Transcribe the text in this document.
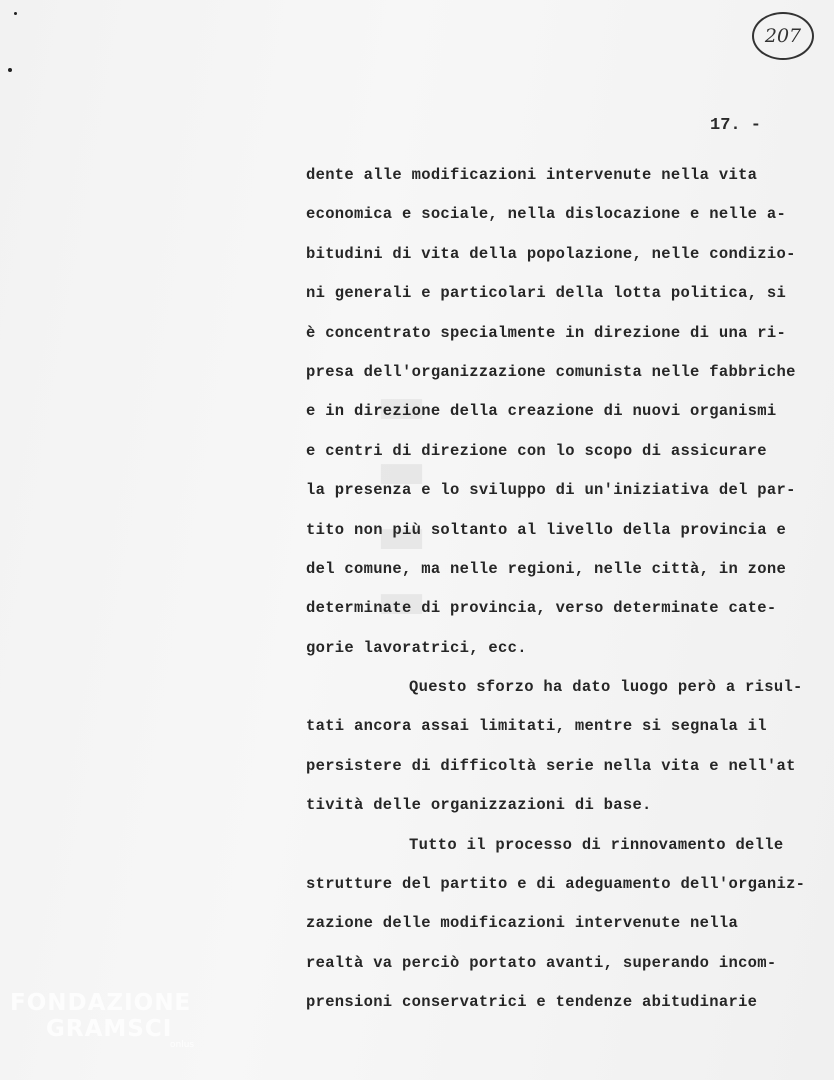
▬▬▬▬
207
17. -
dente alle modificazioni intervenute nella vita
economica e sociale, nella dislocazione e nelle a-
bitudini di vita della popolazione, nelle condizio-
ni generali e particolari della lotta politica, si
è concentrato specialmente in direzione di una ri-
presa dell'organizzazione comunista nelle fabbriche
e in direzione della creazione di nuovi organismi
e centri di direzione con lo scopo di assicurare
la presenza e lo sviluppo di un'iniziativa del par-
tito non più soltanto al livello della provincia e
del comune, ma nelle regioni, nelle città, in zone
determinate di provincia, verso determinate cate-
gorie lavoratrici, ecc.
Questo sforzo ha dato luogo però a risul-
tati ancora assai limitati, mentre si segnala il
persistere di difficoltà serie nella vita e nell'at
tività delle organizzazioni di base.
Tutto il processo di rinnovamento delle
strutture del partito e di adeguamento dell'organiz-
zazione delle modificazioni intervenute nella
realtà va perciò portato avanti, superando incom-
prensioni conservatrici e tendenze abitudinarie
FONDAZIONE
GRAMSCI
onlus
